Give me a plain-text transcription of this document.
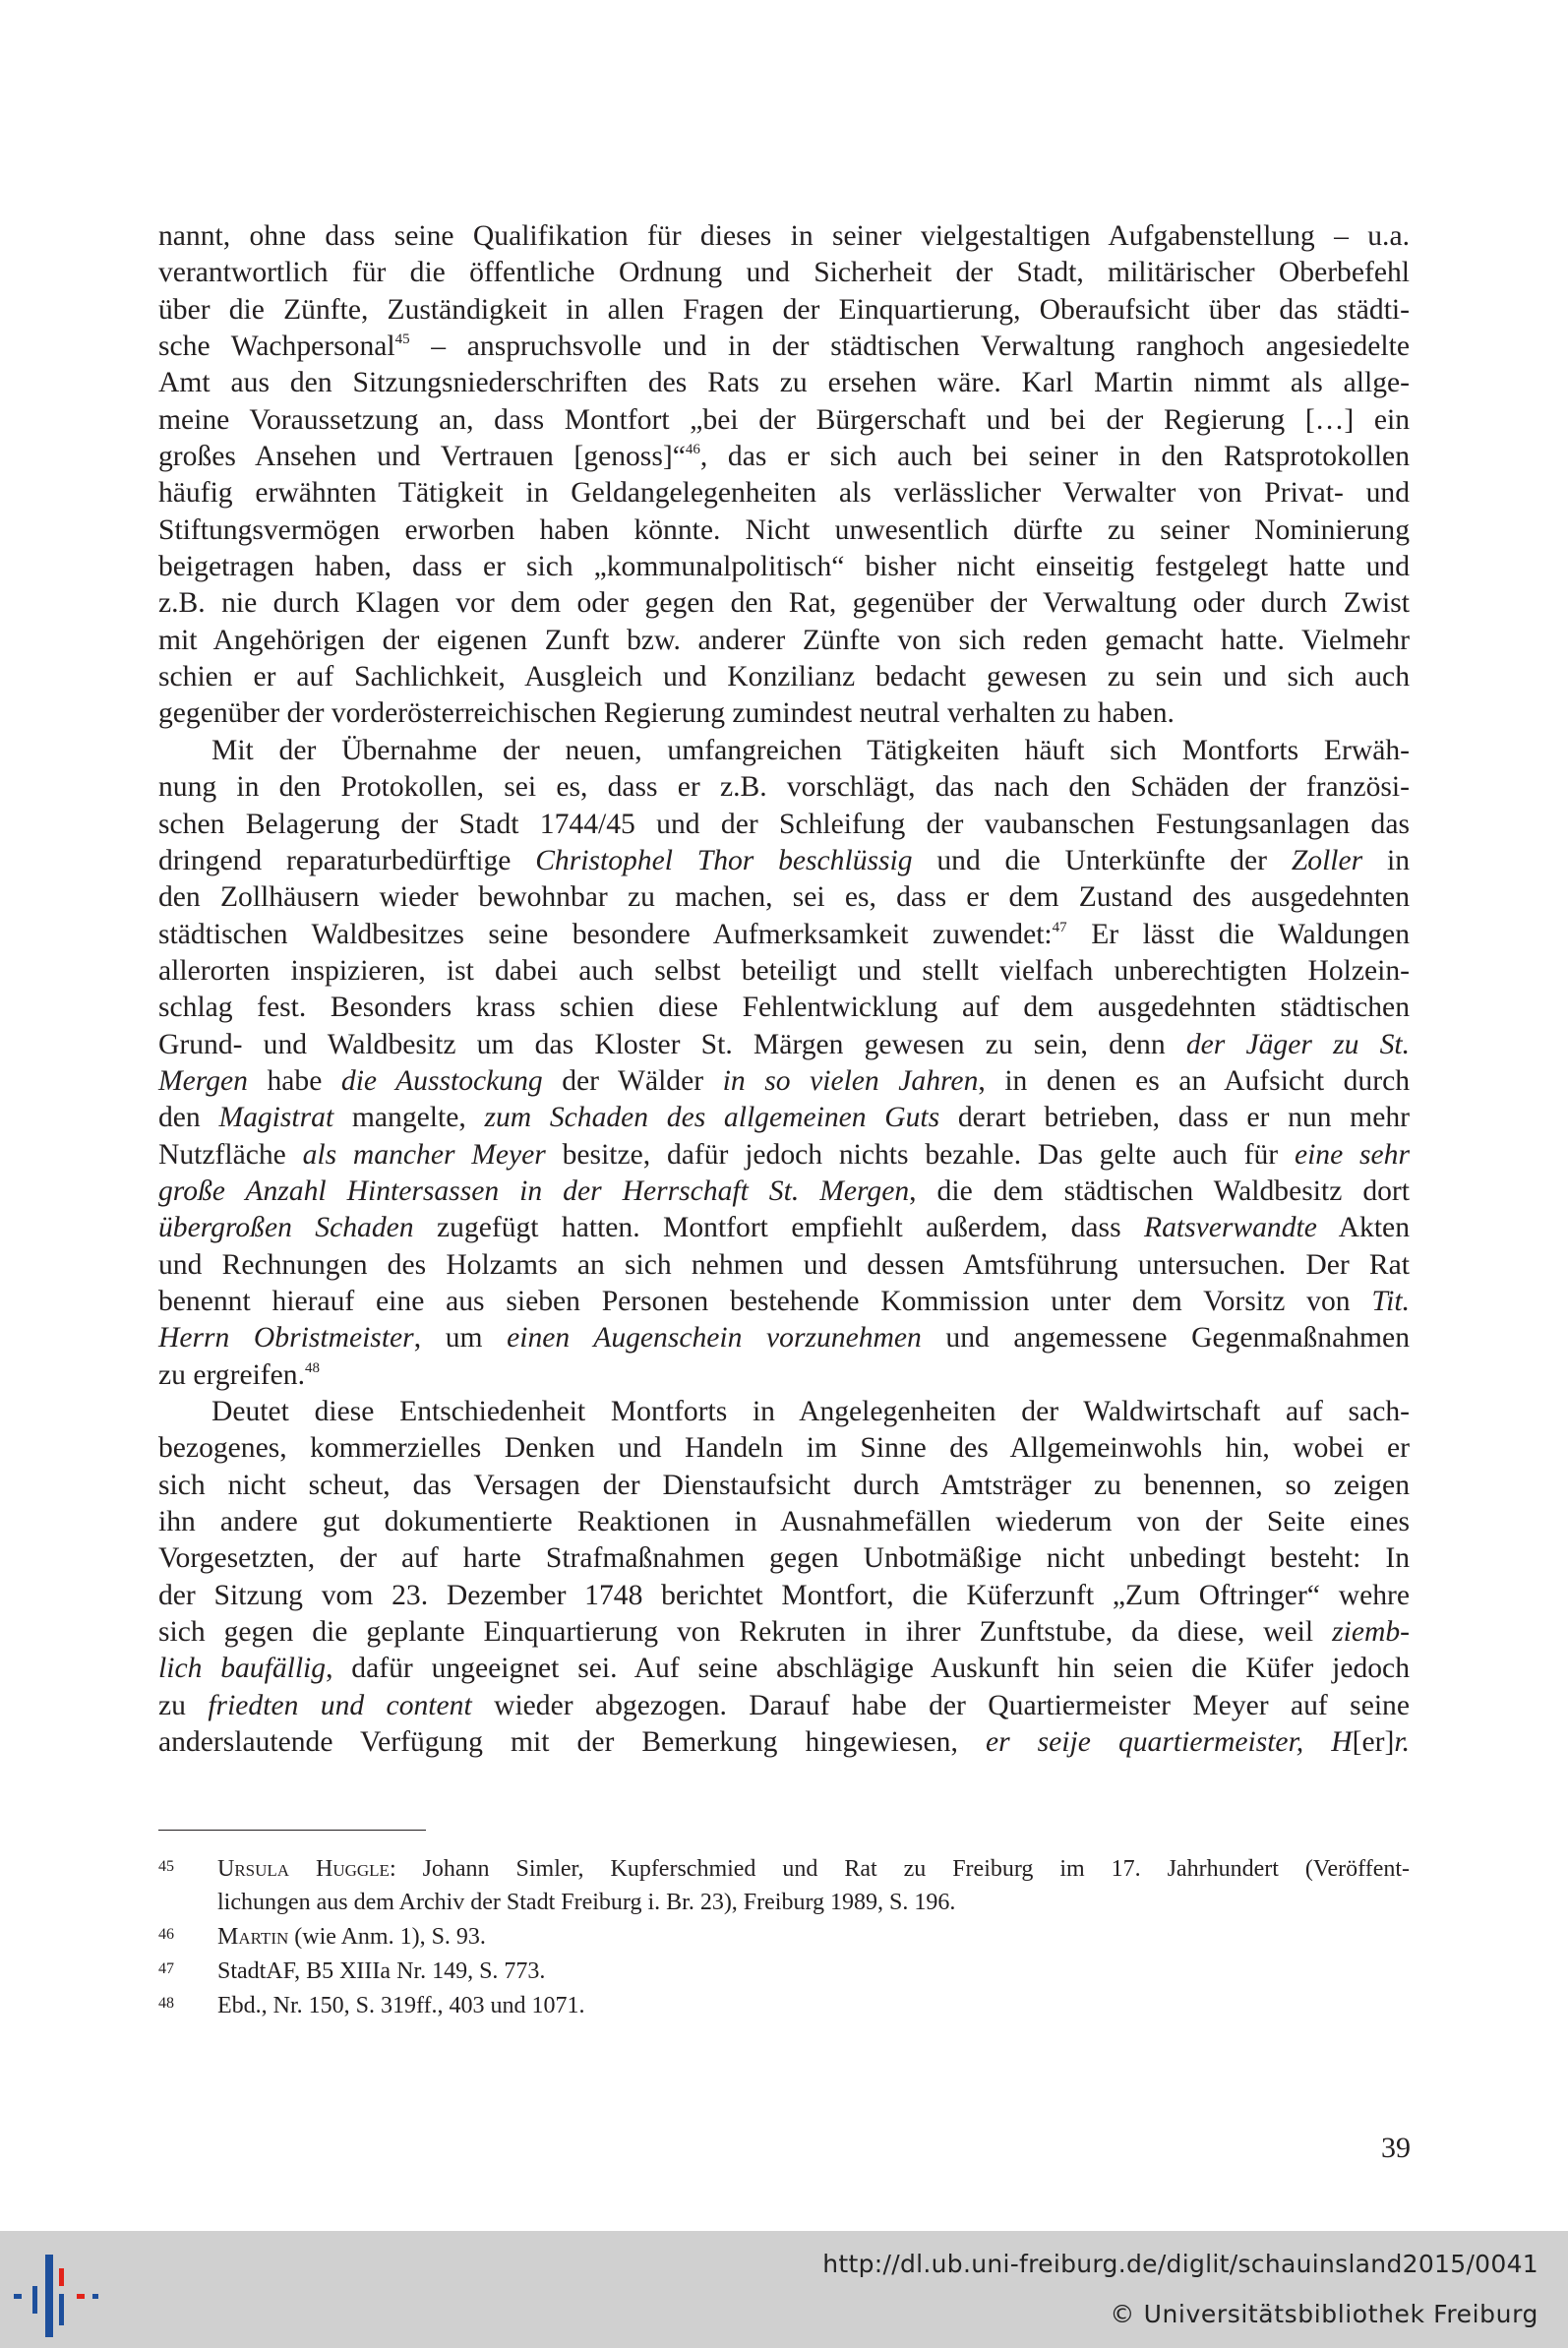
nannt, ohne dass seine Qualifikation für dieses in seiner vielgestaltigen Aufgabenstellung – u.a.
verantwortlich für die öffentliche Ordnung und Sicherheit der Stadt, militärischer Oberbefehl
über die Zünfte, Zuständigkeit in allen Fragen der Einquartierung, Oberaufsicht über das städti-
sche Wachpersonal$^{45}$ – anspruchsvolle und in der städtischen Verwaltung ranghoch angesiedelte
Amt aus den Sitzungsniederschriften des Rats zu ersehen wäre. Karl Martin nimmt als allge-
meine Voraussetzung an, dass Montfort „bei der Bürgerschaft und bei der Regierung […] ein
großes Ansehen und Vertrauen [genoss]“$^{46}$, das er sich auch bei seiner in den Ratsprotokollen
häufig erwähnten Tätigkeit in Geldangelegenheiten als verlässlicher Verwalter von Privat- und
Stiftungsvermögen erworben haben könnte. Nicht unwesentlich dürfte zu seiner Nominierung
beigetragen haben, dass er sich „kommunalpolitisch“ bisher nicht einseitig festgelegt hatte und
z.B. nie durch Klagen vor dem oder gegen den Rat, gegenüber der Verwaltung oder durch Zwist
mit Angehörigen der eigenen Zunft bzw. anderer Zünfte von sich reden gemacht hatte. Vielmehr
schien er auf Sachlichkeit, Ausgleich und Konzilianz bedacht gewesen zu sein und sich auch
gegenüber der vorderösterreichischen Regierung zumindest neutral verhalten zu haben.
Mit der Übernahme der neuen, umfangreichen Tätigkeiten häuft sich Montforts Erwäh-
nung in den Protokollen, sei es, dass er z.B. vorschlägt, das nach den Schäden der französi-
schen Belagerung der Stadt 1744/45 und der Schleifung der vaubanschen Festungsanlagen das
dringend reparaturbedürftige Christophel Thor beschlüssig und die Unterkünfte der Zoller in
den Zollhäusern wieder bewohnbar zu machen, sei es, dass er dem Zustand des ausgedehnten
städtischen Waldbesitzes seine besondere Aufmerksamkeit zuwendet:$^{47}$ Er lässt die Waldungen
allerorten inspizieren, ist dabei auch selbst beteiligt und stellt vielfach unberechtigten Holzein-
schlag fest. Besonders krass schien diese Fehlentwicklung auf dem ausgedehnten städtischen
Grund- und Waldbesitz um das Kloster St. Märgen gewesen zu sein, denn der Jäger zu St.
Mergen habe die Ausstockung der Wälder in so vielen Jahren, in denen es an Aufsicht durch
den Magistrat mangelte, zum Schaden des allgemeinen Guts derart betrieben, dass er nun mehr
Nutzfläche als mancher Meyer besitze, dafür jedoch nichts bezahle. Das gelte auch für eine sehr
große Anzahl Hintersassen in der Herrschaft St. Mergen, die dem städtischen Waldbesitz dort
übergroßen Schaden zugefügt hatten. Montfort empfiehlt außerdem, dass Ratsverwandte Akten
und Rechnungen des Holzamts an sich nehmen und dessen Amtsführung untersuchen. Der Rat
benennt hierauf eine aus sieben Personen bestehende Kommission unter dem Vorsitz von Tit.
Herrn Obristmeister, um einen Augenschein vorzunehmen und angemessene Gegenmaßnahmen
zu ergreifen.$^{48}$
Deutet diese Entschiedenheit Montforts in Angelegenheiten der Waldwirtschaft auf sach-
bezogenes, kommerzielles Denken und Handeln im Sinne des Allgemeinwohls hin, wobei er
sich nicht scheut, das Versagen der Dienstaufsicht durch Amtsträger zu benennen, so zeigen
ihn andere gut dokumentierte Reaktionen in Ausnahmefällen wiederum von der Seite eines
Vorgesetzten, der auf harte Strafmaßnahmen gegen Unbotmäßige nicht unbedingt besteht: In
der Sitzung vom 23. Dezember 1748 berichtet Montfort, die Küferzunft „Zum Oftringer“ wehre
sich gegen die geplante Einquartierung von Rekruten in ihrer Zunftstube, da diese, weil ziemb-
lich baufällig, dafür ungeeignet sei. Auf seine abschlägige Auskunft hin seien die Küfer jedoch
zu friedten und content wieder abgezogen. Darauf habe der Quartiermeister Meyer auf seine
anderslautende Verfügung mit der Bemerkung hingewiesen, er seije quartiermeister, H[er]r.
45 Ursula Huggle: Johann Simler, Kupferschmied und Rat zu Freiburg im 17. Jahrhundert (Veröffent-
lichungen aus dem Archiv der Stadt Freiburg i. Br. 23), Freiburg 1989, S. 196.
46 Martin (wie Anm. 1), S. 93.
47 StadtAF, B5 XIIIa Nr. 149, S. 773.
48 Ebd., Nr. 150, S. 319ff., 403 und 1071.
39
http://dl.ub.uni-freiburg.de/diglit/schauinsland2015/0041
© Universitätsbibliothek Freiburg
